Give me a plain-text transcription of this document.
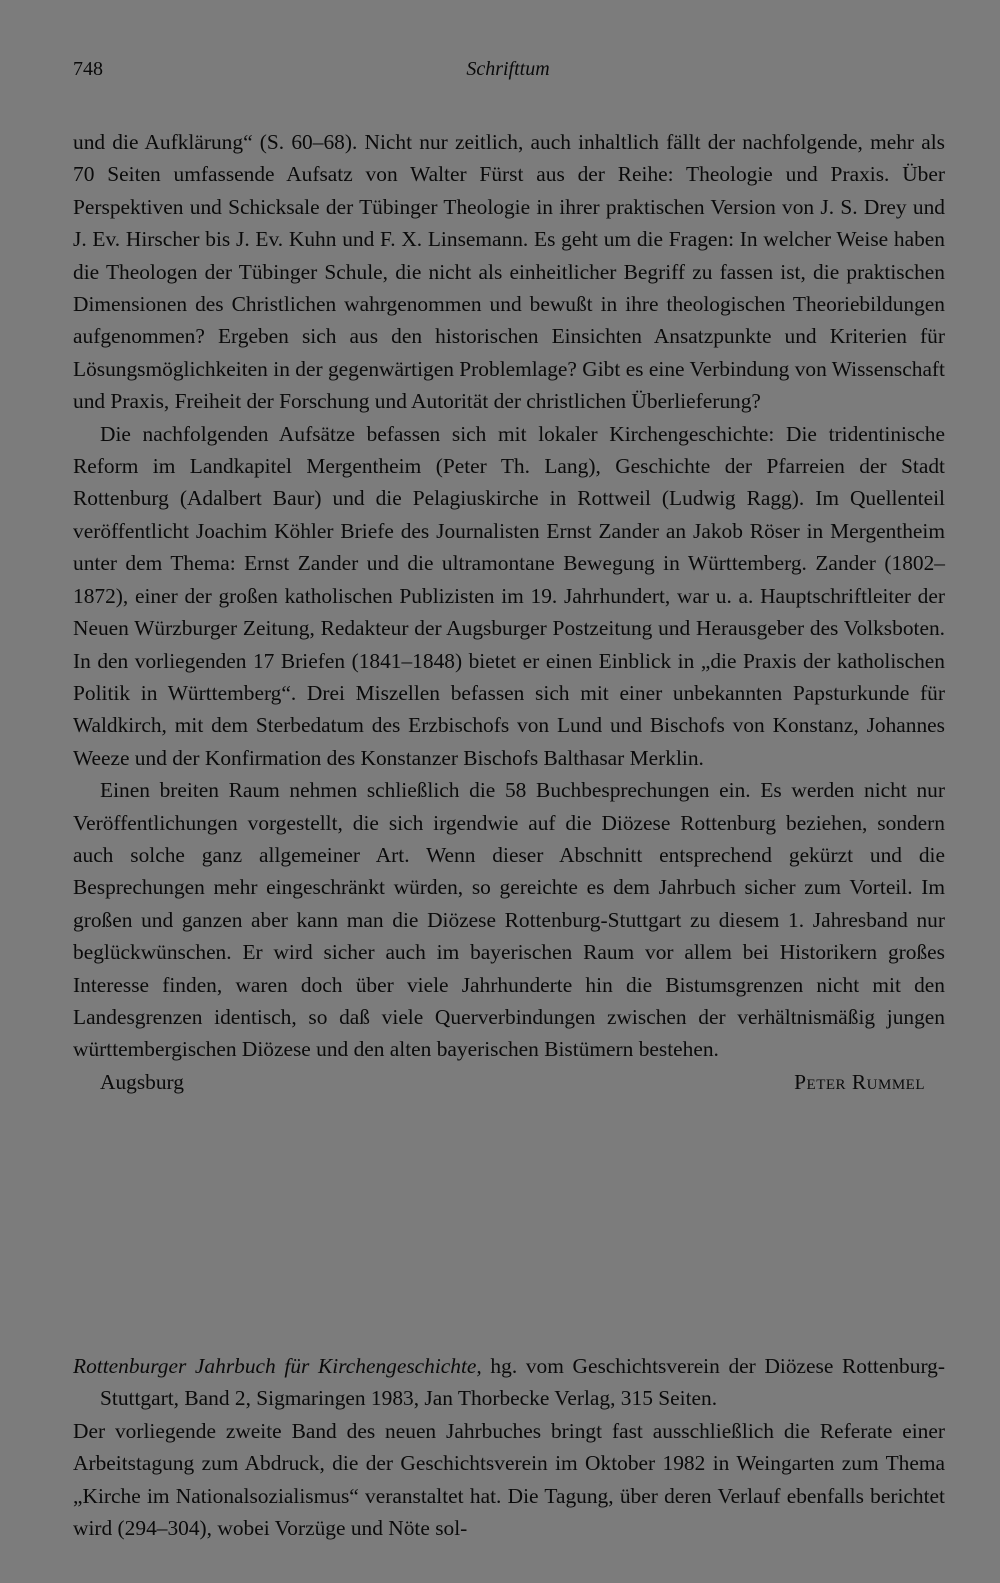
748	Schrifttum

und die Aufklärung“ (S. 60–68). Nicht nur zeitlich, auch inhaltlich fällt der nachfolgende, mehr als 70 Seiten umfassende Aufsatz von Walter Fürst aus der Reihe: Theologie und Praxis. Über Perspektiven und Schicksale der Tübinger Theologie in ihrer praktischen Version von J. S. Drey und J. Ev. Hirscher bis J. Ev. Kuhn und F. X. Linsemann. Es geht um die Fragen: In welcher Weise haben die Theologen der Tübinger Schule, die nicht als einheitlicher Begriff zu fassen ist, die praktischen Dimensionen des Christlichen wahrgenommen und bewußt in ihre theologischen Theoriebildungen aufgenommen? Ergeben sich aus den historischen Einsichten Ansatzpunkte und Kriterien für Lösungsmöglichkeiten in der gegenwärtigen Problemlage? Gibt es eine Verbindung von Wissenschaft und Praxis, Freiheit der Forschung und Autorität der christlichen Überlieferung?

Die nachfolgenden Aufsätze befassen sich mit lokaler Kirchengeschichte: Die tridentinische Reform im Landkapitel Mergentheim (Peter Th. Lang), Geschichte der Pfarreien der Stadt Rottenburg (Adalbert Baur) und die Pelagiuskirche in Rottweil (Ludwig Ragg). Im Quellenteil veröffentlicht Joachim Köhler Briefe des Journalisten Ernst Zander an Jakob Röser in Mergentheim unter dem Thema: Ernst Zander und die ultramontane Bewegung in Württemberg. Zander (1802–1872), einer der großen katholischen Publizisten im 19. Jahrhundert, war u. a. Hauptschriftleiter der Neuen Würzburger Zeitung, Redakteur der Augsburger Postzeitung und Herausgeber des Volksboten. In den vorliegenden 17 Briefen (1841–1848) bietet er einen Einblick in „die Praxis der katholischen Politik in Württemberg“. Drei Miszellen befassen sich mit einer unbekannten Papsturkunde für Waldkirch, mit dem Sterbedatum des Erzbischofs von Lund und Bischofs von Konstanz, Johannes Weeze und der Konfirmation des Konstanzer Bischofs Balthasar Merklin.

Einen breiten Raum nehmen schließlich die 58 Buchbesprechungen ein. Es werden nicht nur Veröffentlichungen vorgestellt, die sich irgendwie auf die Diözese Rottenburg beziehen, sondern auch solche ganz allgemeiner Art. Wenn dieser Abschnitt entsprechend gekürzt und die Besprechungen mehr eingeschränkt würden, so gereichte es dem Jahrbuch sicher zum Vorteil. Im großen und ganzen aber kann man die Diözese Rottenburg-Stuttgart zu diesem 1. Jahresband nur beglückwünschen. Er wird sicher auch im bayerischen Raum vor allem bei Historikern großes Interesse finden, waren doch über viele Jahrhunderte hin die Bistumsgrenzen nicht mit den Landesgrenzen identisch, so daß viele Querverbindungen zwischen der verhältnismäßig jungen württembergischen Diözese und den alten bayerischen Bistümern bestehen.

Augsburg	Peter Rummel

Rottenburger Jahrbuch für Kirchengeschichte, hg. vom Geschichtsverein der Diözese Rottenburg-Stuttgart, Band 2, Sigmaringen 1983, Jan Thorbecke Verlag, 315 Seiten.

Der vorliegende zweite Band des neuen Jahrbuches bringt fast ausschließlich die Referate einer Arbeitstagung zum Abdruck, die der Geschichtsverein im Oktober 1982 in Weingarten zum Thema „Kirche im Nationalsozialismus“ veranstaltet hat. Die Tagung, über deren Verlauf ebenfalls berichtet wird (294–304), wobei Vorzüge und Nöte sol-
